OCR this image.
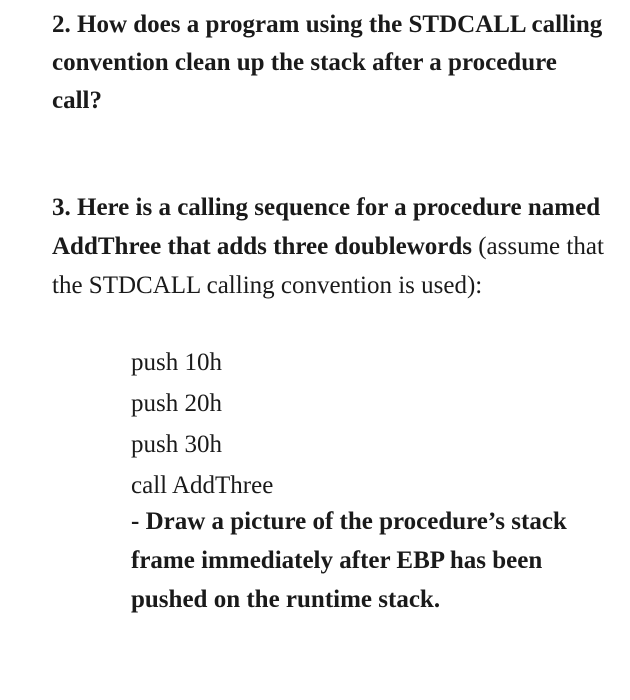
2. How does a program using the STDCALL calling convention clean up the stack after a procedure call?

3. Here is a calling sequence for a procedure named AddThree that adds three doublewords (assume that the STDCALL calling convention is used):

push 10h
push 20h
push 30h
call AddThree

- Draw a picture of the procedure’s stack frame immediately after EBP has been pushed on the runtime stack.
